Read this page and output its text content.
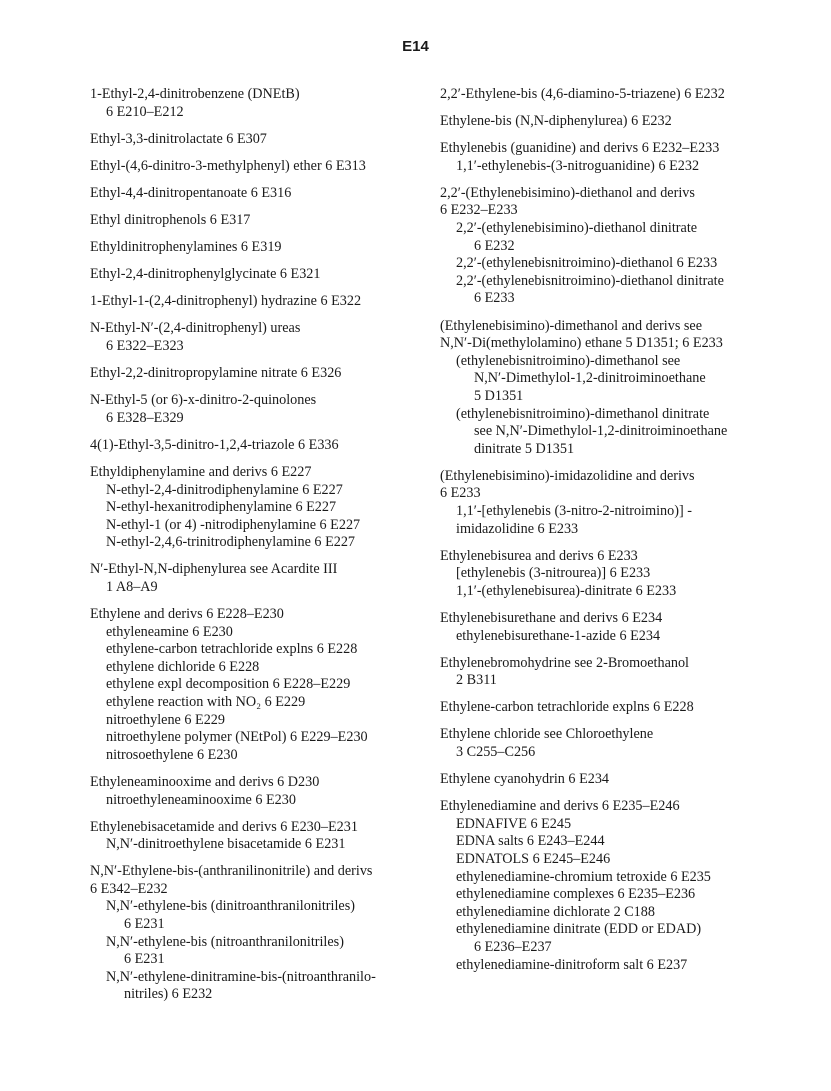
E14
1-Ethyl-2,4-dinitrobenzene (DNEtB)
6 E210–E212
Ethyl-3,3-dinitrolactate 6 E307
Ethyl-(4,6-dinitro-3-methylphenyl) ether 6 E313
Ethyl-4,4-dinitropentanoate 6 E316
Ethyl dinitrophenols 6 E317
Ethyldinitrophenylamines 6 E319
Ethyl-2,4-dinitrophenylglycinate 6 E321
1-Ethyl-1-(2,4-dinitrophenyl) hydrazine 6 E322
N-Ethyl-N′-(2,4-dinitrophenyl) ureas
6 E322–E323
Ethyl-2,2-dinitropropylamine nitrate 6 E326
N-Ethyl-5 (or 6)-x-dinitro-2-quinolones
6 E328–E329
4(1)-Ethyl-3,5-dinitro-1,2,4-triazole 6 E336
Ethyldiphenylamine and derivs 6 E227
N-ethyl-2,4-dinitrodiphenylamine 6 E227
N-ethyl-hexanitrodiphenylamine 6 E227
N-ethyl-1 (or 4) -nitrodiphenylamine 6 E227
N-ethyl-2,4,6-trinitrodiphenylamine 6 E227
N′-Ethyl-N,N-diphenylurea see Acardite III
1 A8–A9
Ethylene and derivs 6 E228–E230
ethyleneamine 6 E230
ethylene-carbon tetrachloride explns 6 E228
ethylene dichloride 6 E228
ethylene expl decomposition 6 E228–E229
ethylene reaction with NO₂ 6 E229
nitroethylene 6 E229
nitroethylene polymer (NEtPol) 6 E229–E230
nitrosoethylene 6 E230
Ethyleneaminooxime and derivs 6 D230
nitroethyleneaminooxime 6 E230
Ethylenebisacetamide and derivs 6 E230–E231
N,N′-dinitroethylene bisacetamide 6 E231
N,N′-Ethylene-bis-(anthranilinonitrile) and derivs
6 E342–E232
N,N′-ethylene-bis (dinitroanthranilonitriles)
6 E231
N,N′-ethylene-bis (nitroanthranilonitriles)
6 E231
N,N′-ethylene-dinitramine-bis-(nitroanthranilo-
nitriles) 6 E232
2,2′-Ethylene-bis (4,6-diamino-5-triazene) 6 E232
Ethylene-bis (N,N-diphenylurea) 6 E232
Ethylenebis (guanidine) and derivs 6 E232–E233
1,1′-ethylenebis-(3-nitroguanidine) 6 E232
2,2′-(Ethylenebisimino)-diethanol and derivs
6 E232–E233
2,2′-(ethylenebisimino)-diethanol dinitrate
6 E232
2,2′-(ethylenebisnitroimino)-diethanol 6 E233
2,2′-(ethylenebisnitroimino)-diethanol dinitrate
6 E233
(Ethylenebisimino)-dimethanol and derivs see
N,N′-Di(methylolamino) ethane 5 D1351; 6 E233
(ethylenebisnitroimino)-dimethanol see
N,N′-Dimethylol-1,2-dinitroiminoethane
5 D1351
(ethylenebisnitroimino)-dimethanol dinitrate
see N,N′-Dimethylol-1,2-dinitroiminoethane
dinitrate 5 D1351
(Ethylenebisimino)-imidazolidine and derivs
6 E233
1,1′-[ethylenebis (3-nitro-2-nitroimino)] -
imidazolidine 6 E233
Ethylenebisurea and derivs 6 E233
[ethylenebis (3-nitrourea)] 6 E233
1,1′-(ethylenebisurea)-dinitrate 6 E233
Ethylenebisurethane and derivs 6 E234
ethylenebisurethane-1-azide 6 E234
Ethylenebromohydrine see 2-Bromoethanol
2 B311
Ethylene-carbon tetrachloride explns 6 E228
Ethylene chloride see Chloroethylene
3 C255–C256
Ethylene cyanohydrin 6 E234
Ethylenediamine and derivs 6 E235–E246
EDNAFIVE 6 E245
EDNA salts 6 E243–E244
EDNATOLS 6 E245–E246
ethylenediamine-chromium tetroxide 6 E235
ethylenediamine complexes 6 E235–E236
ethylenediamine dichlorate 2 C188
ethylenediamine dinitrate (EDD or EDAD)
6 E236–E237
ethylenediamine-dinitroform salt 6 E237
